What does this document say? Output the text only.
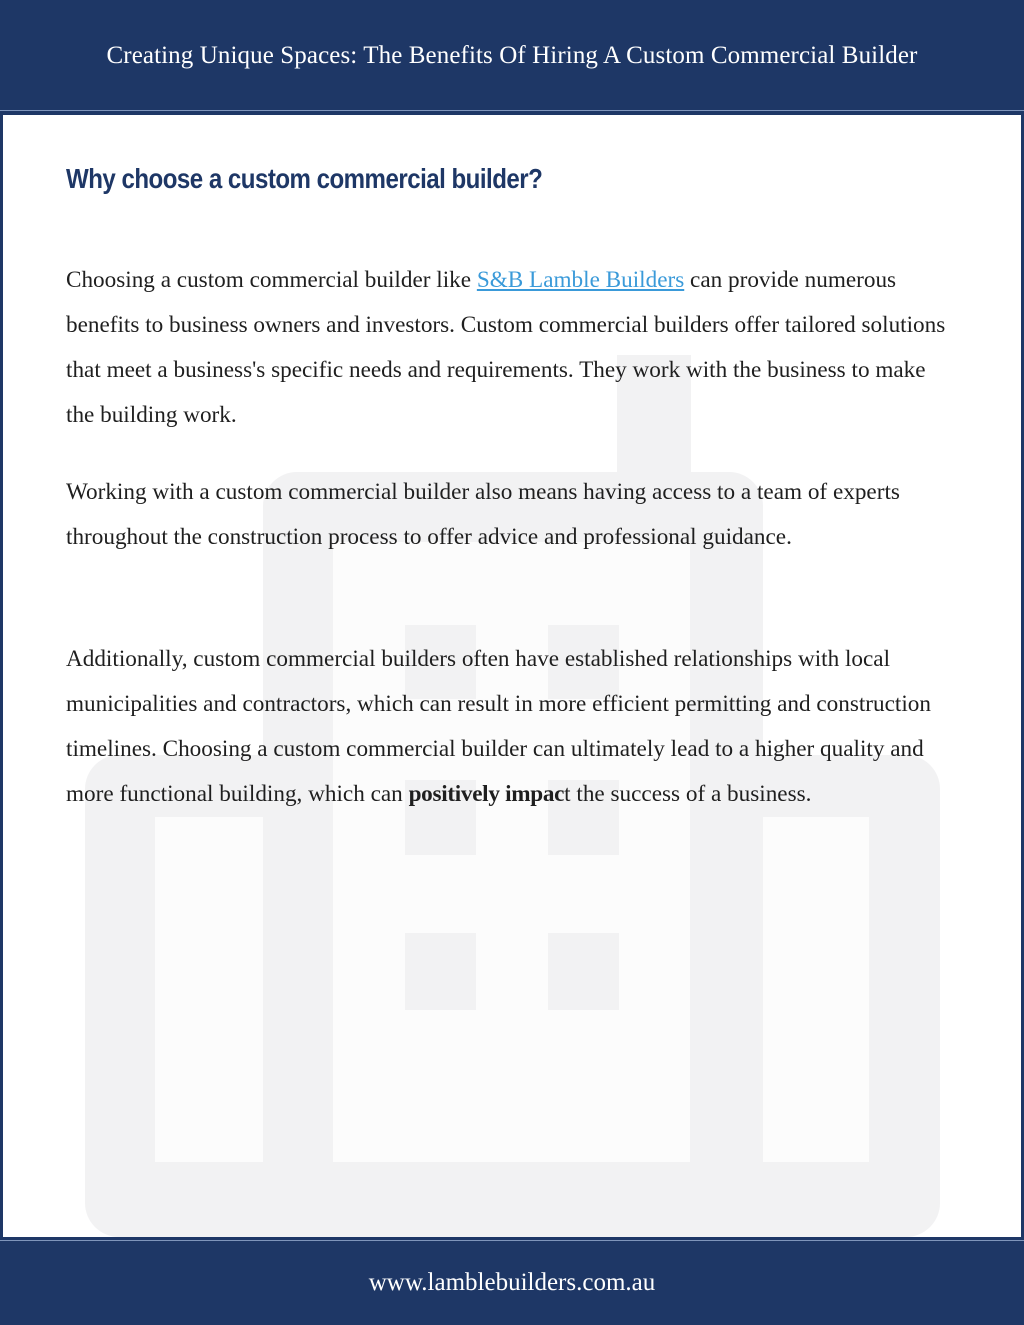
Creating Unique Spaces: The Benefits Of Hiring A Custom Commercial Builder
Why choose a custom commercial builder?

Choosing a custom commercial builder like S&B Lamble Builders can provide numerous benefits to business owners and investors. Custom commercial builders offer tailored solutions that meet a business's specific needs and requirements. They work with the business to make the building work.

Working with a custom commercial builder also means having access to a team of experts throughout the construction process to offer advice and professional guidance.

Additionally, custom commercial builders often have established relationships with local municipalities and contractors, which can result in more efficient permitting and construction timelines. Choosing a custom commercial builder can ultimately lead to a higher quality and more functional building, which can positively impact the success of a business.

www.lamblebuilders.com.au
